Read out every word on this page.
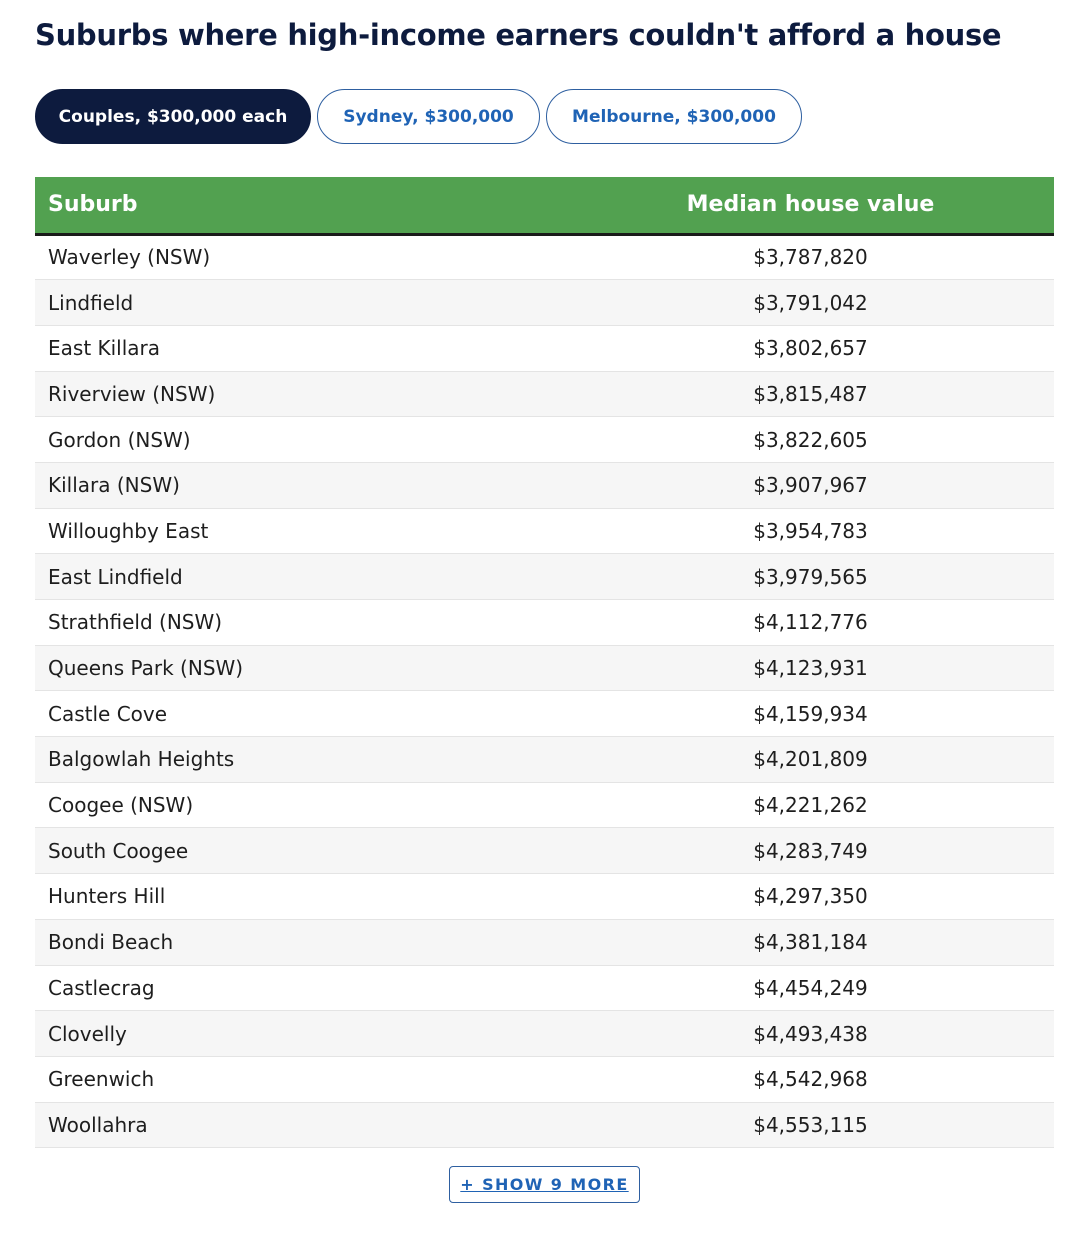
Suburbs where high-income earners couldn't afford a house
Couples, $300,000 each	Sydney, $300,000	Melbourne, $300,000
Suburb	Median house value
Waverley (NSW)	$3,787,820
Lindfield	$3,791,042
East Killara	$3,802,657
Riverview (NSW)	$3,815,487
Gordon (NSW)	$3,822,605
Killara (NSW)	$3,907,967
Willoughby East	$3,954,783
East Lindfield	$3,979,565
Strathfield (NSW)	$4,112,776
Queens Park (NSW)	$4,123,931
Castle Cove	$4,159,934
Balgowlah Heights	$4,201,809
Coogee (NSW)	$4,221,262
South Coogee	$4,283,749
Hunters Hill	$4,297,350
Bondi Beach	$4,381,184
Castlecrag	$4,454,249
Clovelly	$4,493,438
Greenwich	$4,542,968
Woollahra	$4,553,115
+ SHOW 9 MORE
